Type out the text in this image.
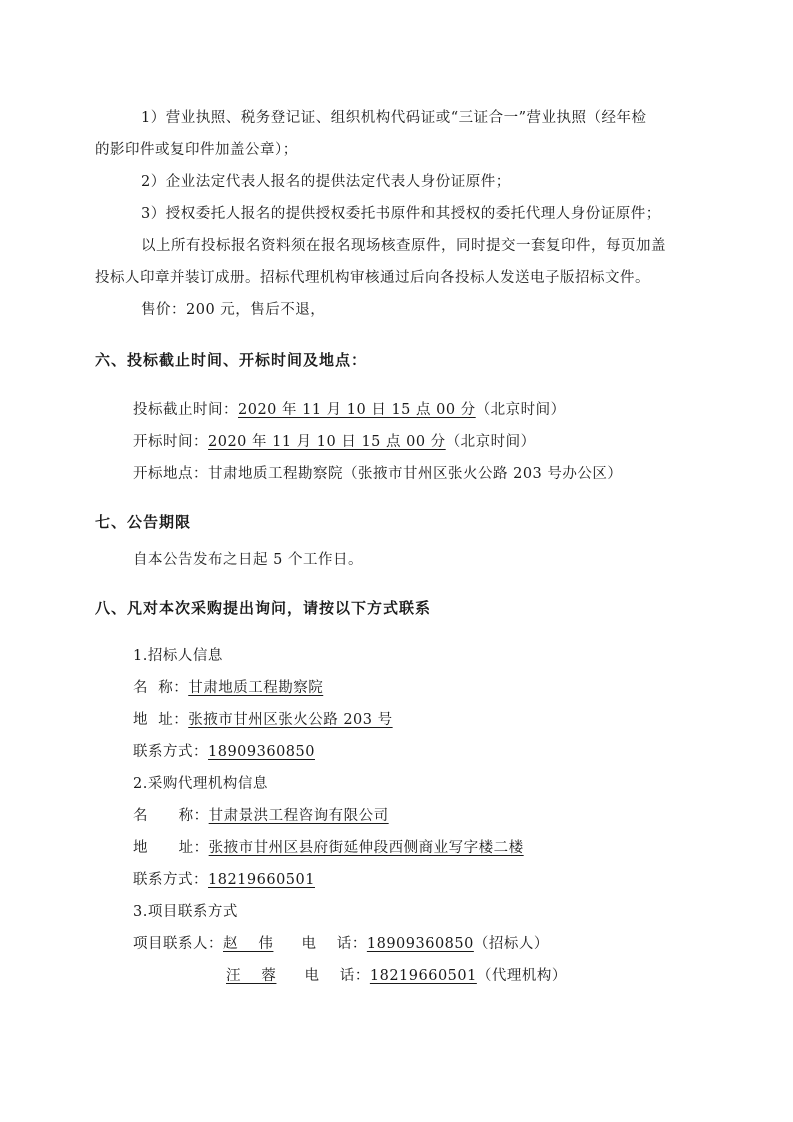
1）营业执照、税务登记证、组织机构代码证或“三证合一”营业执照（经年检
的影印件或复印件加盖公章）；
2）企业法定代表人报名的提供法定代表人身份证原件；
3）授权委托人报名的提供授权委托书原件和其授权的委托代理人身份证原件；
以上所有投标报名资料须在报名现场核查原件，同时提交一套复印件，每页加盖
投标人印章并装订成册。招标代理机构审核通过后向各投标人发送电子版招标文件。
售价：200 元，售后不退，
六、投标截止时间、开标时间及地点：
投标截止时间：2020 年 11 月 10 日 15 点 00 分（北京时间）
开标时间：2020 年 11 月 10 日 15 点 00 分（北京时间）
开标地点：甘肃地质工程勘察院（张掖市甘州区张火公路 203 号办公区）
七、公告期限
自本公告发布之日起 5 个工作日。
八、凡对本次采购提出询问，请按以下方式联系
1.招标人信息
名  称：甘肃地质工程勘察院
地  址：张掖市甘州区张火公路 203 号
联系方式：18909360850
2.采购代理机构信息
名      称：甘肃景洪工程咨询有限公司
地      址：张掖市甘州区县府街延伸段西侧商业写字楼二楼
联系方式：18219660501
3.项目联系方式
项目联系人：赵    伟 电    话：18909360850（招标人）
汪    蓉 电    话：18219660501（代理机构）
